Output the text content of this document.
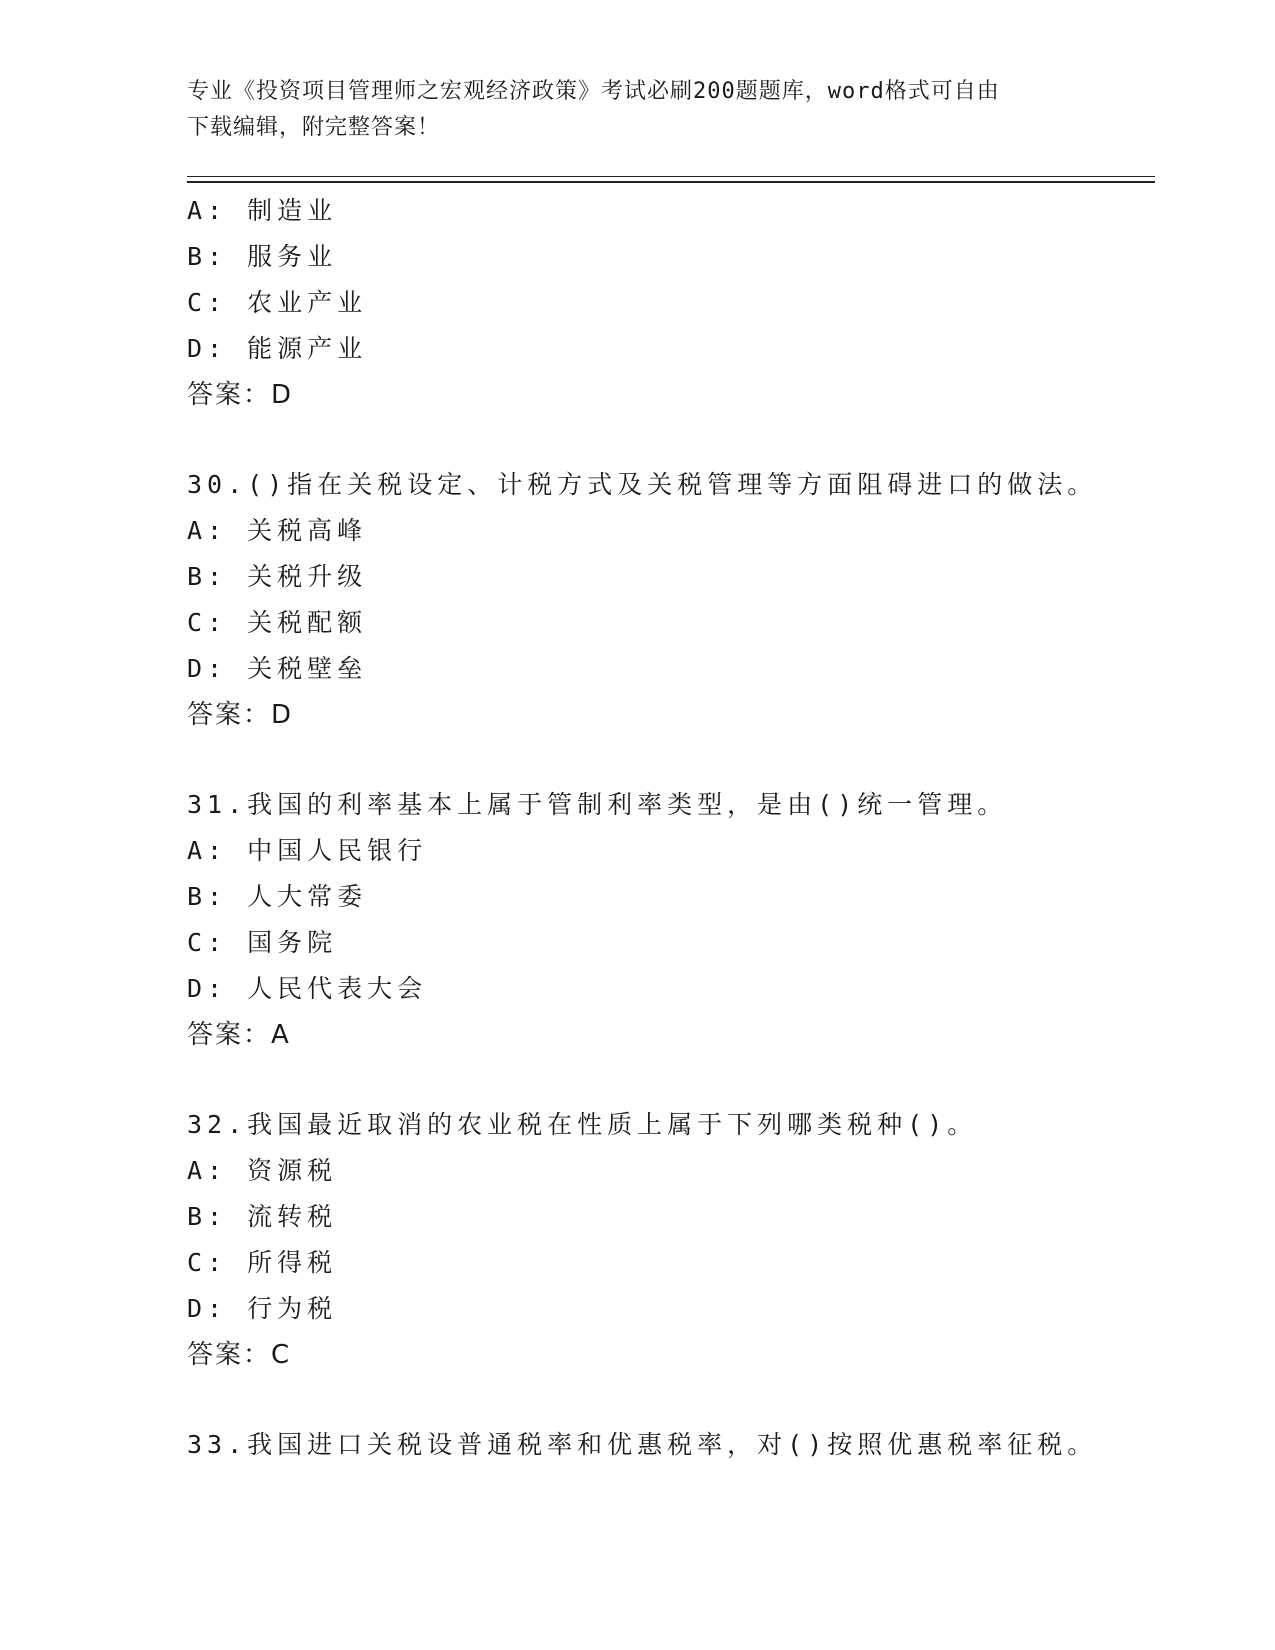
专业《投资项目管理师之宏观经济政策》考试必刷200题题库，word格式可自由
下载编辑，附完整答案！
A: 制造业
B: 服务业
C: 农业产业
D: 能源产业
答案：D
30.()指在关税设定、计税方式及关税管理等方面阻碍进口的做法。
A: 关税高峰
B: 关税升级
C: 关税配额
D: 关税壁垒
答案：D
31.我国的利率基本上属于管制利率类型，是由()统一管理。
A: 中国人民银行
B: 人大常委
C: 国务院
D: 人民代表大会
答案：A
32.我国最近取消的农业税在性质上属于下列哪类税种()。
A: 资源税
B: 流转税
C: 所得税
D: 行为税
答案：C
33.我国进口关税设普通税率和优惠税率，对()按照优惠税率征税。
